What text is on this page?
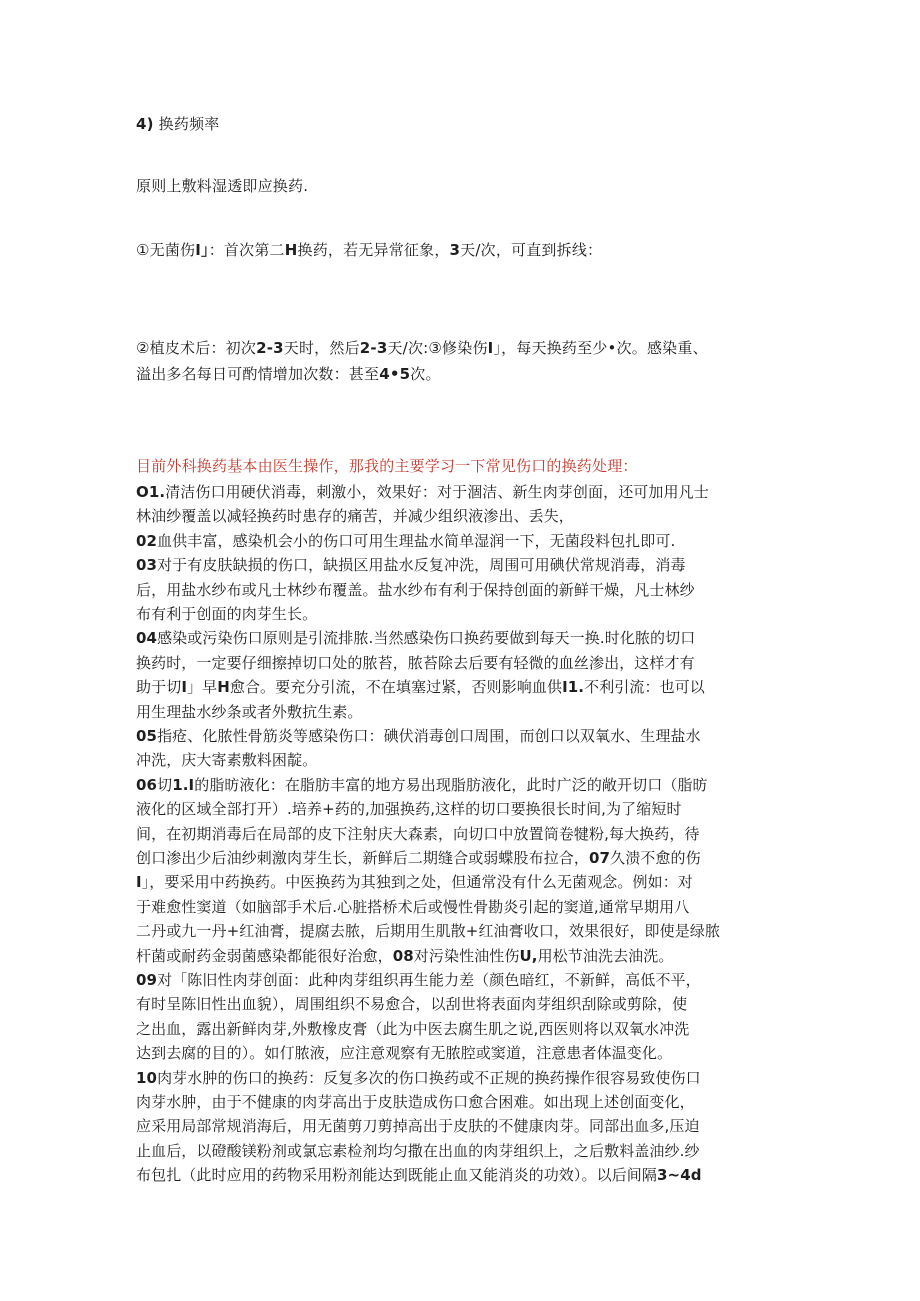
4) 换药频率
原则上敷料湿透即应换药.
①无菌伤I」：首次第二H换药，若无异常征象，3天/次，可直到拆线：
②植皮术后：初次2-3天时，然后2-3天/次:③修染伤I」，每天换药至少•次。感染重、
溢出多名每日可酌情增加次数：甚至4•5次。
目前外科换药基本由医生操作，那我的主要学习一下常见伤口的换药处理：
O1.清洁伤口用硬伏消毒，刺激小，效果好：对于涸洁、新生肉芽创面，还可加用凡士
林油纱覆盖以减轻换药时患存的痛苦，并减少组织液渗出、丢失，
02血供丰富，感染机会小的伤口可用生理盐水简单湿润一下，无菌段料包扎即可.
03对于有皮肤缺损的伤口，缺损区用盐水反复冲洗，周围可用碘伏常规消毒，消毒
后，用盐水纱布或凡士林纱布覆盖。盐水纱布有利于保持创面的新鲜干燥，凡士林纱
布有利于创面的肉芽生长。
04感染或污染伤口原则是引流排脓.当然感染伤口换药要做到每天一换.时化脓的切口
换药时，一定要仔细擦掉切口处的脓苔，脓苔除去后要有轻微的血丝渗出，这样才有
助于切I」早H愈合。要充分引流，不在填塞过紧，否则影响血供I1.不利引流：也可以
用生理盐水纱条或者外敷抗生素。
05指疮、化脓性骨筋炎等感染伤口：碘伏消毒创口周围，而创口以双氧水、生理盐水
冲洗，庆大寄素敷料困靛。
06切1.I的脂昉液化：在脂肪丰富的地方易出现脂肪液化，此时广泛的敞开切口（脂昉
液化的区域全部打开）.培养+药的,加强换药,这样的切口要换很长时间,为了缩短时
间，在初期消毒后在局部的皮下注射庆大森素，向切口中放置筒卷犍粉,每大换药，待
创口渗出少后油纱刺激肉芽生长，新鲜后二期缝合或弱蝶股布拉合，07久溃不愈的伤
I」，要采用中药换药。中医换药为其独到之处，但通常没有什么无菌观念。例如：对
于难愈性窦道（如脑部手术后.心脏搭桥术后或慢性骨勘炎引起的窦道,通常早期用八
二丹或九一丹+红油膏，提腐去脓，后期用生肌散+红油膏收口，效果很好，即使是绿脓
杆菌或耐药金弱菌感染都能很好治愈，08对污染性油性伤U,用松节油洗去油洗。
09对「陈旧性肉芽创面：此种肉芽组织再生能力差（颜色暗红，不新鲜，高低不平，
有时呈陈旧性出血貌），周围组织不易愈合，以刮世将表面肉芽组织刮除或剪除，使
之出血，露出新鲜肉芽,外敷橡皮膏（此为中医去腐生肌之说,西医则将以双氧水冲洗
达到去腐的目的）。如仃脓液，应注意观察有无脓腔或窦道，注意患者体温变化。
10肉芽水肿的伤口的换药：反复多次的伤口换药或不正规的换药操作很容易致使伤口
肉芽水肿，由于不健康的肉芽高出于皮肤造成伤口愈合困难。如出现上述创面变化，
应采用局部常规消海后，用无菌剪刀剪掉高出于皮肤的不健康肉芽。同部出血多,压迫
止血后，以磴酸镁粉剂或氯忘素检剂均匀撒在出血的肉芽组织上，之后敷料盖油纱.纱
布包扎（此时应用的药物采用粉剂能达到既能止血又能消炎的功效）。以后间隔3~4d
